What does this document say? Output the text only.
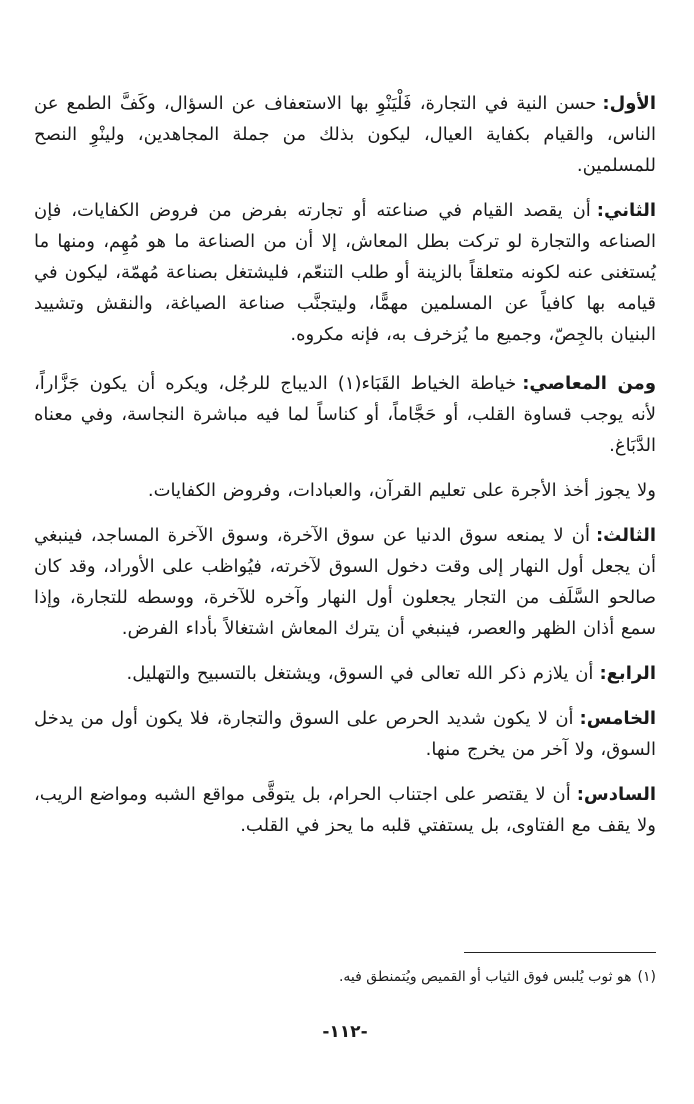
الأول:حسن النية في التجارة، فَلْيَنْوِ بها الاستعفاف عن السؤال، وكَفَّ الطمع عن الناس، والقيام بكفاية العيال، ليكون بذلك من جملة المجاهدين، ولينْوِ النصح للمسلمين.

الثاني:أن يقصد القيام في صناعته أو تجارته بفرض من فروض الكفايات، فإن الصناعه والتجارة لو تركت بطل المعاش، إلا أن من الصناعة ما هو مُهِم، ومنها ما يُستغنى عنه لكونه متعلقاً بالزينة أو طلب التنعّم، فليشتغل بصناعة مُهمّة، ليكون في قيامه بها كافياً عن المسلمين مهمًّا، وليتجنَّب صناعة الصياغة، والنقش وتشييد البنيان بالجِصّ، وجميع ما يُزخرف به، فإنه مكروه.

ومن المعاصي:خياطة الخياط القَبَاء(١) الديباج للرجُل، ويكره أن يكون جَزَّاراً، لأنه يوجب قساوة القلب، أو حَجَّاماً، أو كناساً لما فيه مباشرة النجاسة، وفي معناه الدَّبَاغ.

ولا يجوز أخذ الأجرة على تعليم القرآن، والعبادات، وفروض الكفايات.

الثالث:أن لا يمنعه سوق الدنيا عن سوق الآخرة، وسوق الآخرة المساجد، فينبغي أن يجعل أول النهار إلى وقت دخول السوق لآخرته، فيُواظب على الأوراد، وقد كان صالحو السَّلَف من التجار يجعلون أول النهار وآخره للآخرة، ووسطه للتجارة، وإذا سمع أذان الظهر والعصر، فينبغي أن يترك المعاش اشتغالاً بأداء الفرض.

الرابع:أن يلازم ذكر الله تعالى في السوق، ويشتغل بالتسبيح والتهليل.

الخامس:أن لا يكون شديد الحرص على السوق والتجارة، فلا يكون أول من يدخل السوق، ولا آخر من يخرج منها.

السادس:أن لا يقتصر على اجتناب الحرام، بل يتوقَّى مواقع الشبه ومواضع الريب، ولا يقف مع الفتاوى، بل يستفتي قلبه ما يحز في القلب.

(١)هو ثوب يُلبس فوق الثياب أو القميص ويُتمنطق فيه.
-١١٢-
